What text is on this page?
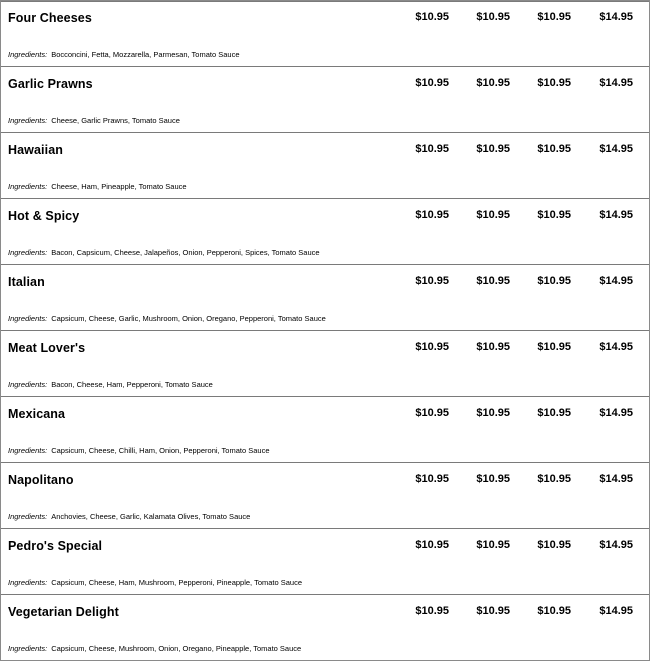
Four Cheeses	$10.95	$10.95	$10.95	$14.95
Ingredients: Bocconcini, Fetta, Mozzarella, Parmesan, Tomato Sauce
Garlic Prawns	$10.95	$10.95	$10.95	$14.95
Ingredients: Cheese, Garlic Prawns, Tomato Sauce
Hawaiian	$10.95	$10.95	$10.95	$14.95
Ingredients: Cheese, Ham, Pineapple, Tomato Sauce
Hot & Spicy	$10.95	$10.95	$10.95	$14.95
Ingredients: Bacon, Capsicum, Cheese, Jalapeños, Onion, Pepperoni, Spices, Tomato Sauce
Italian	$10.95	$10.95	$10.95	$14.95
Ingredients: Capsicum, Cheese, Garlic, Mushroom, Onion, Oregano, Pepperoni, Tomato Sauce
Meat Lover's	$10.95	$10.95	$10.95	$14.95
Ingredients: Bacon, Cheese, Ham, Pepperoni, Tomato Sauce
Mexicana	$10.95	$10.95	$10.95	$14.95
Ingredients: Capsicum, Cheese, Chilli, Ham, Onion, Pepperoni, Tomato Sauce
Napolitano	$10.95	$10.95	$10.95	$14.95
Ingredients: Anchovies, Cheese, Garlic, Kalamata Olives, Tomato Sauce
Pedro's Special	$10.95	$10.95	$10.95	$14.95
Ingredients: Capsicum, Cheese, Ham, Mushroom, Pepperoni, Pineapple, Tomato Sauce
Vegetarian Delight	$10.95	$10.95	$10.95	$14.95
Ingredients: Capsicum, Cheese, Mushroom, Onion, Oregano, Pineapple, Tomato Sauce
